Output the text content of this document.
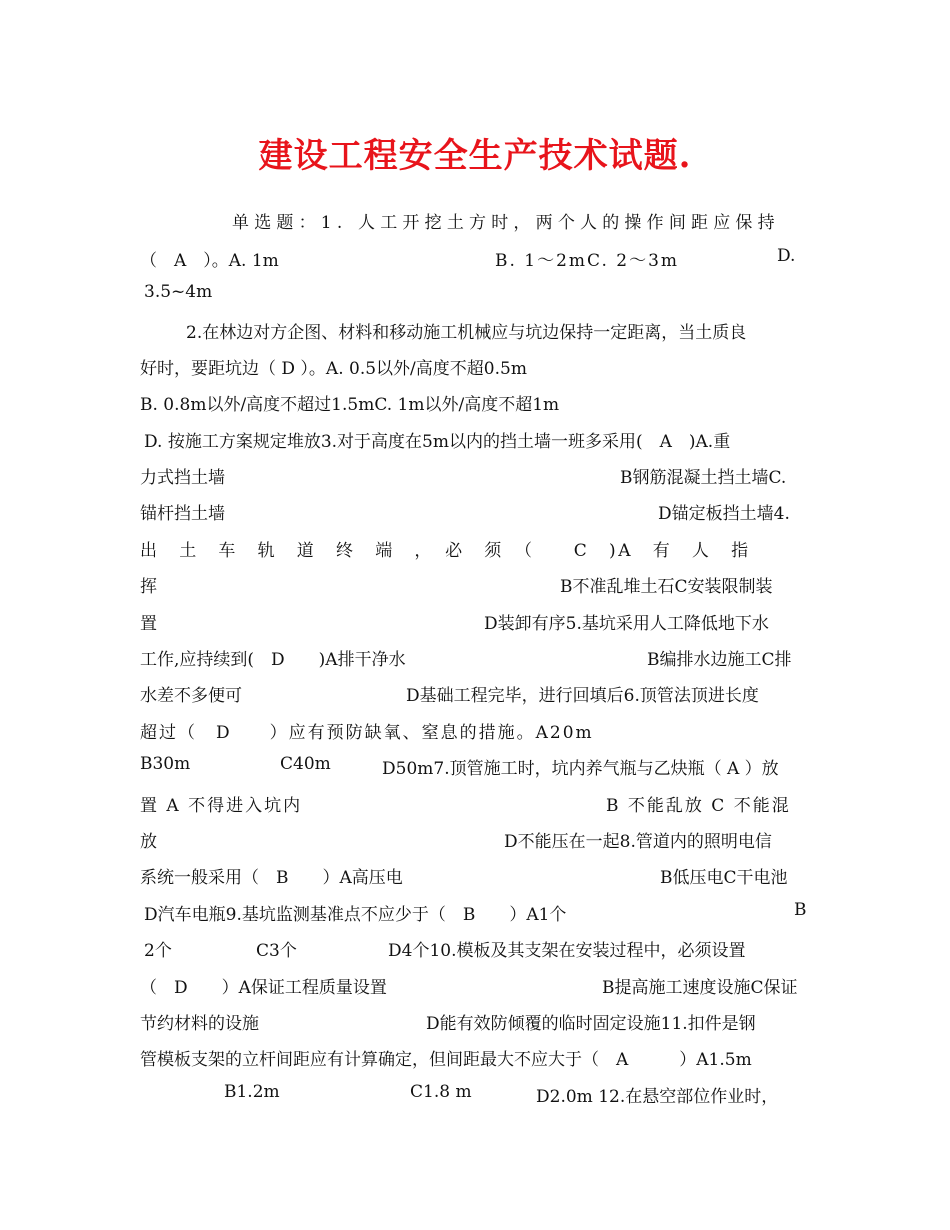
建设工程安全生产技术试题.
单选题：1. 人工开挖土方时，两个人的操作间距应保持
（　A　）。A. 1m	B. 1～2mC. 2～3m	D.
3.5~4m
2.在林边对方企图、材料和移动施工机械应与坑边保持一定距离，当土质良
好时，要距坑边（ D ）。A. 0.5以外/高度不超0.5m
B. 0.8m以外/高度不超过1.5mC. 1m以外/高度不超1m
D. 按施工方案规定堆放3.对于高度在5m以内的挡土墙一班多采用(　A　)A.重
力式挡土墙	B钢筋混凝土挡土墙C.
锚杆挡土墙	D锚定板挡土墙4.
出　土　车　轨　道　终　端　，　必　须　（　　C　)A　有　人　指
挥	B不准乱堆土石C安装限制装
置	D装卸有序5.基坑采用人工降低地下水
工作,应持续到(　D　　)A排干净水	B编排水边施工C排
水差不多便可	D基础工程完毕，进行回填后6.顶管法顶进长度
超过（　D　　）应有预防缺氧、窒息的措施。A20m
B30m	C40m	D50m7.顶管施工时，坑内养气瓶与乙炔瓶（ A ）放
置 A 不得进入坑内	B 不能乱放 C 不能混
放	D不能压在一起8.管道内的照明电信
系统一般采用（　B　　）A高压电	B低压电C干电池
D汽车电瓶9.基坑监测基准点不应少于（　B　　）A1个	B
2个	C3个	D4个10.模板及其支架在安装过程中，必须设置
（　D　　）A保证工程质量设置	B提高施工速度设施C保证
节约材料的设施	D能有效防倾覆的临时固定设施11.扣件是钢
管模板支架的立杆间距应有计算确定，但间距最大不应大于（　A　　　）A1.5m
B1.2m	C1.8 m	D2.0m 12.在悬空部位作业时，
